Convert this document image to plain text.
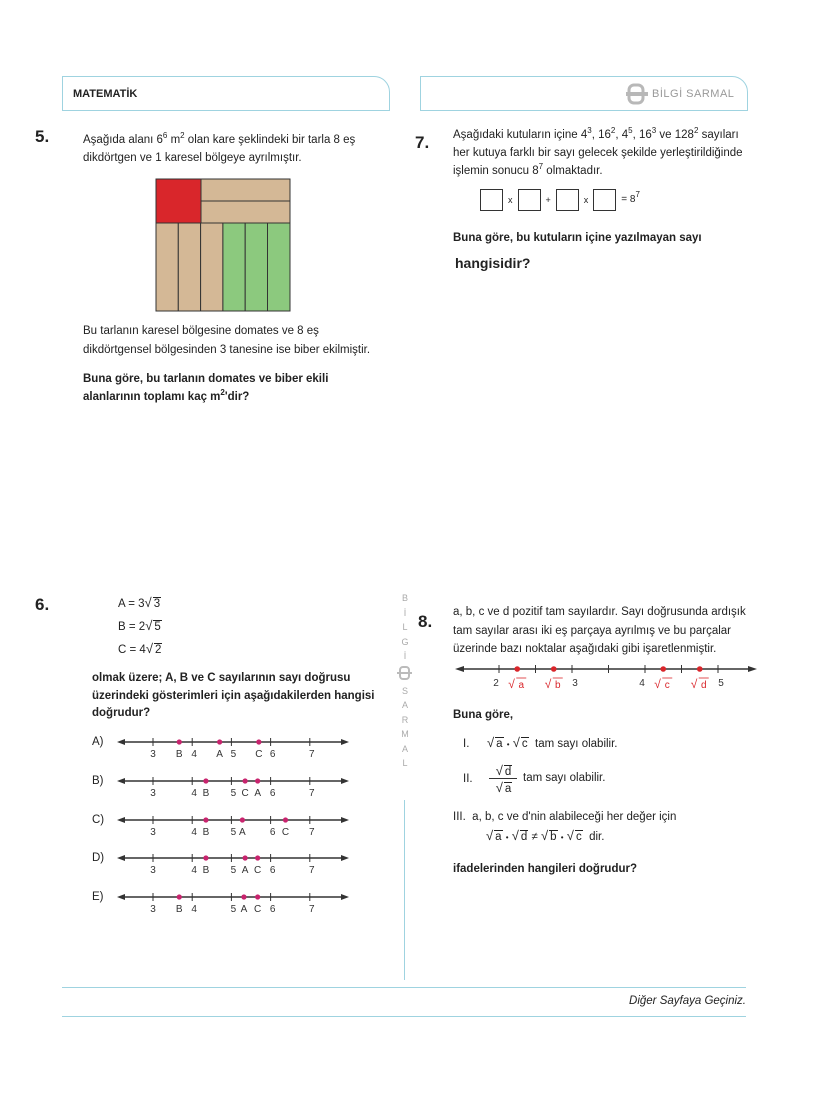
MATEMATİK	BİLGİ SARMAL
5.	Aşağıda alanı $6^6$ $m^2$ olan kare şeklindeki bir tarla 8 eş
dikdörtgen ve 1 karesel bölgeye ayrılmıştır.
Bu tarlanın karesel bölgesine domates ve 8 eş
dikdörtgensel bölgesinden 3 tanesine ise biber ekilmiştir.
Buna göre, bu tarlanın domates ve biber ekili
alanlarının toplamı kaç $m^2'dir$?
7. Aşağıdaki kutuların içine $4^3$, $16^2$, $4^5$, $16^3$ ve $128^2$ sayıları
her kutuya farklı bir sayı gelecek şekilde yerleştirildiğinde
işlemin sonucu $8^7$ olmaktadır.
x	+	x	= $8^7$
Buna göre, bu kutuların içine yazılmayan sayı
hangisidir?
B
İ
L
G
İ
S
A
R
M
A
L
6.	A = 3√ 3
B = 2√ 5
C = 4√ 2
olmak üzere; A, B ve C sayılarının sayı doğrusu
üzerindeki gösterimleri için aşağıdakilerden hangisi
doğrudur?
A)
3	4	5	6	7
B	A	C
B)
3	4	5	6	7
B	C A
C)
3	4	5	6	7
B	A	C
D)
3	4	5	6	7
B	A C
E)
3	4	5	6	7
B	A C
8. a, b, c ve d pozitif tam sayılardır. Sayı doğrusunda ardışık
tam sayılar arası iki eş parçaya ayrılmış ve bu parçalar
üzerinde bazı noktalar aşağıdaki gibi işaretlenmiştir.
2	3	4	5
√ a √ b	√ c √ d
Buna göre,
I. √ a • √ c tam sayı olabilir.
II.
√ d
√ a
tam sayı olabilir.
III. a, b, c ve d'nin alabileceği her değer için
√ a • √ d ≠ √ b • √ c dir.
ifadelerinden hangileri doğrudur?
Diğer Sayfaya Geçiniz.
